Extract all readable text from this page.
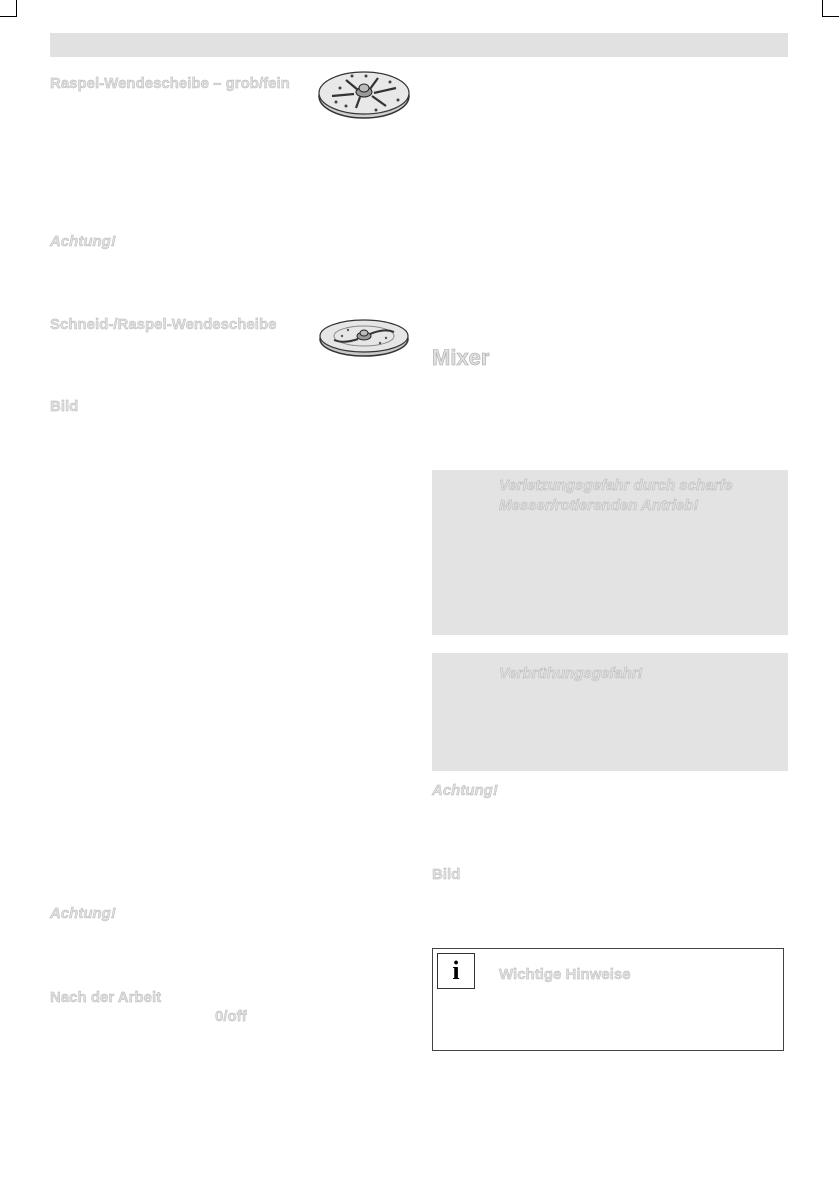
Raspel-Wendescheibe – grob/fein
Achtung!
Schneid-/Raspel-Wendescheibe
Bild
Achtung!
Nach der Arbeit
0/off
Mixer
Verletzungsgefahr durch scharfe
Messer/rotierenden Antrieb!
Verbrühungsgefahr!
Achtung!
Bild
i	Wichtige Hinweise
